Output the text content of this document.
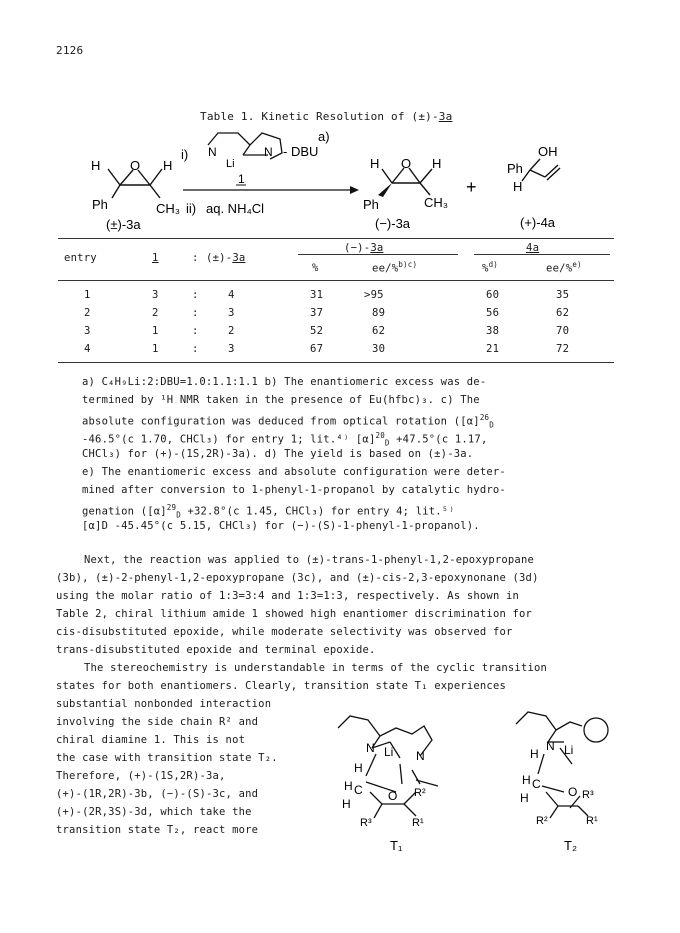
2126
Table 1. Kinetic Resolution of (±)-3a
H O H
Ph	CH₃
(±)-3a
N	N
Li
- DBU
a)
i)
1
ii) aq. NH₄Cl
H O H
Ph	CH₃
(−)-3a
+
OH
Ph
H
(+)-4a
entry	1	: (±)-3a
(−)-3a	4a
%	ee/%$^{b)c)}$	%$^{d)}$	ee/%$^{e)}$
1	3	:	4	31	>95	60	35
2	2	:	3	37	89	56	62
3	1	:	2	52	62	38	70
4	1	:	3	67	30	21	72
a) C₄H₉Li:2:DBU=1.0:1.1:1.1 b) The enantiomeric excess was de-
termined by ¹H NMR taken in the presence of Eu(hfbc)₃. c) The
absolute configuration was deduced from optical rotation ($[\alpha]^{26}_D$
-46.5°(c 1.70, CHCl₃) for entry 1; lit.⁴⁾ $[\alpha]^{20}_D +47.5^\circ(c$ 1.17,
CHCl₃) for (+)-(1S,2R)-3a). d) The yield is based on (±)-3a.
e) The enantiomeric excess and absolute configuration were deter-
mined after conversion to 1-phenyl-1-propanol by catalytic hydro-
genation ($[\alpha]^{29}_D +32.8^\circ(c$ 1.45, CHCl₃) for entry 4; lit.⁵⁾
[α]D -45.45°(c 5.15, CHCl₃) for (−)-(S)-1-phenyl-1-propanol).
Next, the reaction was applied to (±)-trans-1-phenyl-1,2-epoxypropane
(3b), (±)-2-phenyl-1,2-epoxypropane (3c), and (±)-cis-2,3-epoxynonane (3d)
using the molar ratio of 1:3=3:4 and 1:3=1:3, respectively. As shown in
Table 2, chiral lithium amide 1 showed high enantiomer discrimination for
cis-disubstituted epoxide, while moderate selectivity was observed for
trans-disubstituted epoxide and terminal epoxide.
The stereochemistry is understandable in terms of the cyclic transition
states for both enantiomers. Clearly, transition state T₁ experiences
substantial nonbonded interaction
involving the side chain R² and
chiral diamine 1. This is not
the case with transition state T₂.
Therefore, (+)-(1S,2R)-3a,
(+)-(1R,2R)-3b, (−)-(S)-3c, and
(+)-(2R,3S)-3d, which take the
transition state T₂, react more
N Li N
H
H C
H
O R²
R³	R¹
T₁
N Li
H
H C
H	O R³
R²	R¹
T₂
